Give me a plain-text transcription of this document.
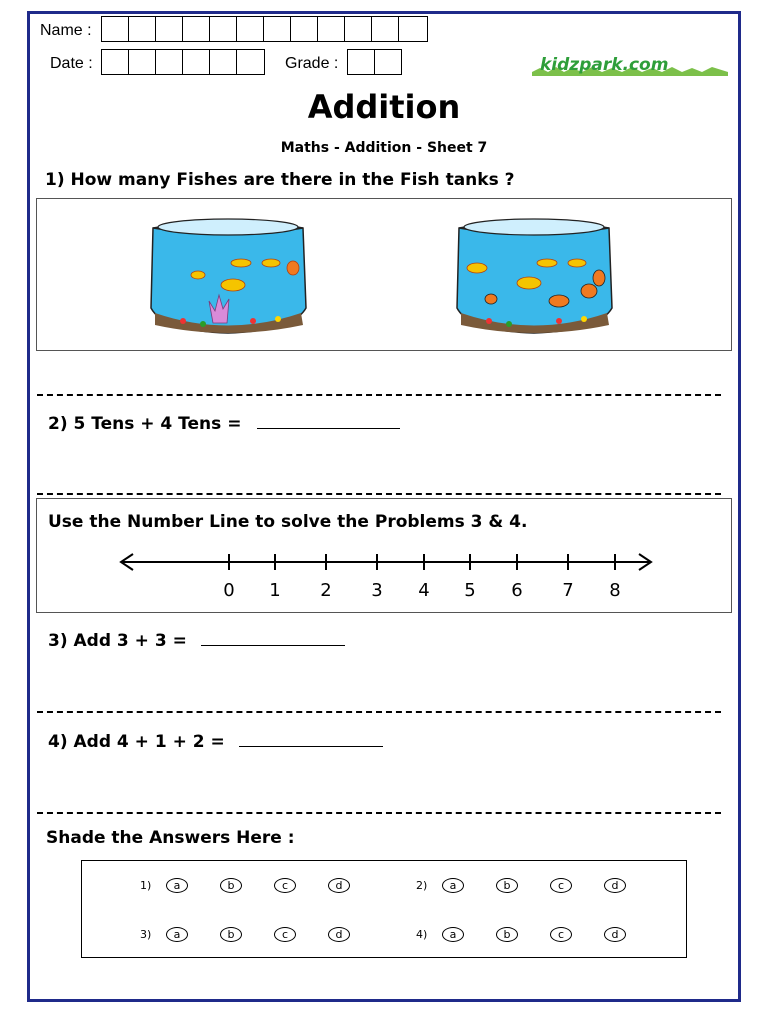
Name :
Date :	Grade :	kidzpark.com
Addition
Maths - Addition - Sheet 7
1) How many Fishes are there in the Fish tanks ?
2) 5 Tens + 4 Tens =
Use the Number Line to solve the Problems 3 & 4.
0 1 2 3 4 5 6 7 8
3) Add 3 + 3 =
4) Add 4 + 1 + 2 =
Shade the Answers Here :
1)	a	b	c	d	2)	a	b	c	d
3)	a	b	c	d	4)	a	b	c	d
